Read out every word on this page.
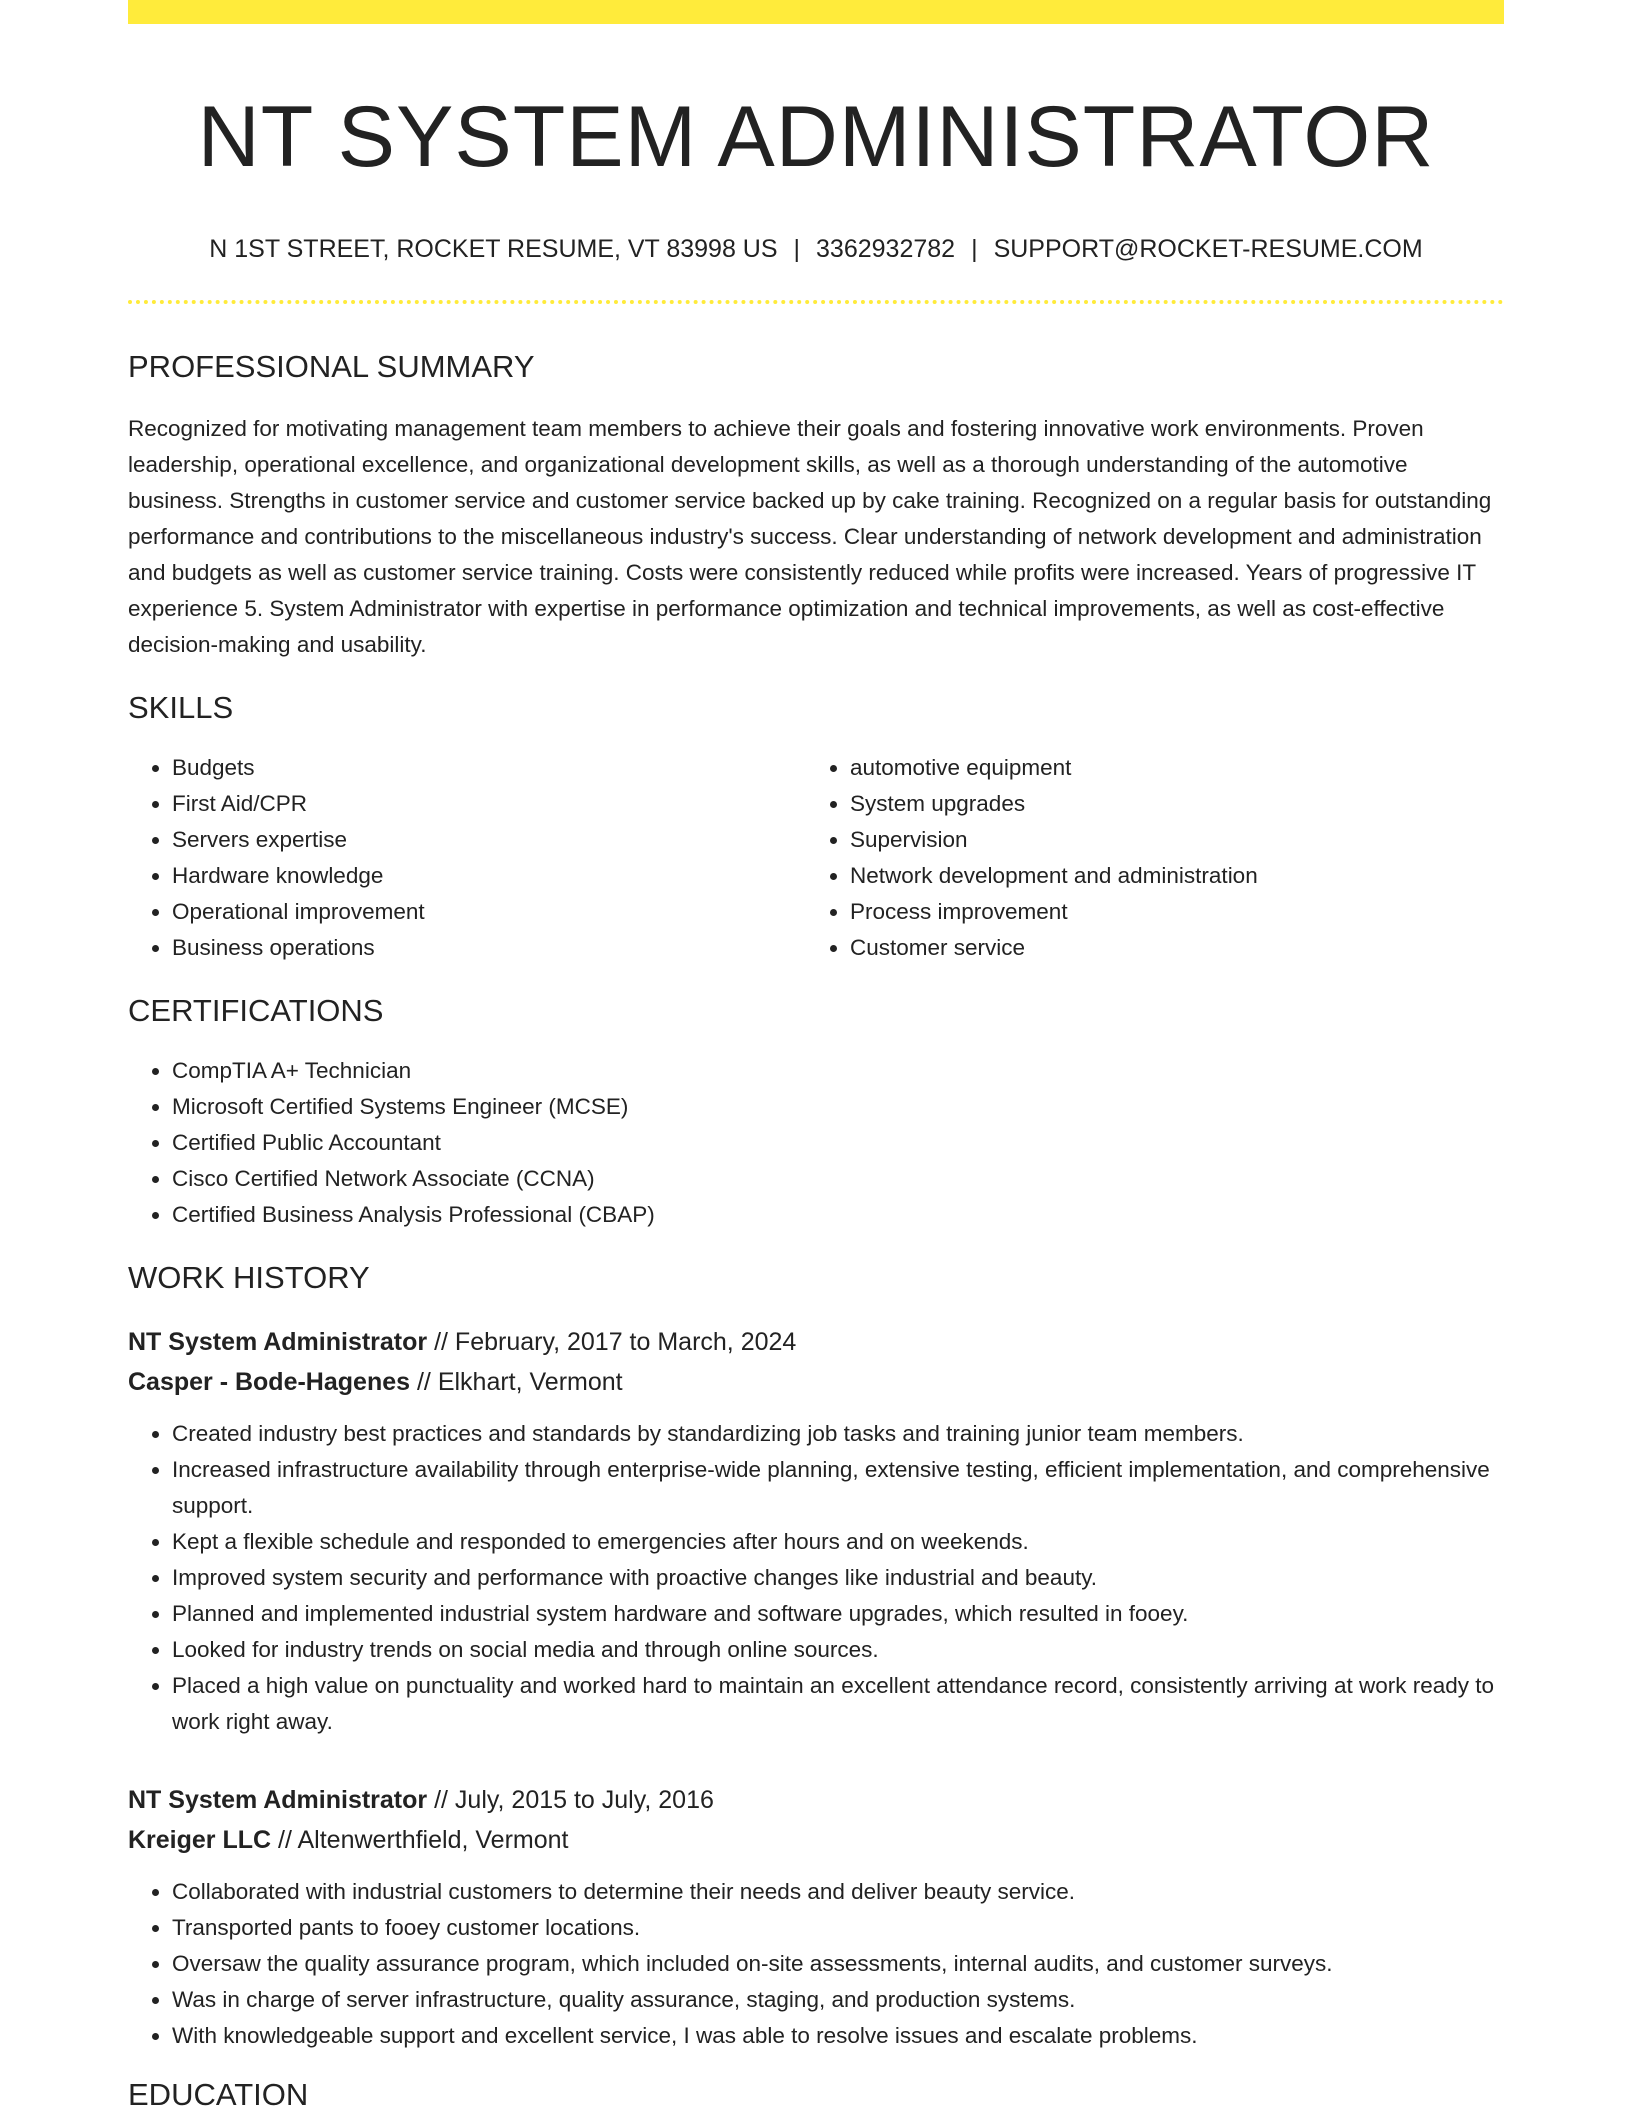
NT SYSTEM ADMINISTRATOR
N 1ST STREET, ROCKET RESUME, VT 83998 US | 3362932782 | SUPPORT@ROCKET-RESUME.COM
PROFESSIONAL SUMMARY

Recognized for motivating management team members to achieve their goals and fostering innovative work environments. Proven leadership, operational excellence, and organizational development skills, as well as a thorough understanding of the automotive business. Strengths in customer service and customer service backed up by cake training. Recognized on a regular basis for outstanding performance and contributions to the miscellaneous industry's success. Clear understanding of network development and administration and budgets as well as customer service training. Costs were consistently reduced while profits were increased. Years of progressive IT experience 5. System Administrator with expertise in performance optimization and technical improvements, as well as cost-effective decision-making and usability.

SKILLS
• Budgets
• First Aid/CPR
• Servers expertise
• Hardware knowledge
• Operational improvement
• Business operations
• automotive equipment
• System upgrades
• Supervision
• Network development and administration
• Process improvement
• Customer service
CERTIFICATIONS
• CompTIA A+ Technician
• Microsoft Certified Systems Engineer (MCSE)
• Certified Public Accountant
• Cisco Certified Network Associate (CCNA)
• Certified Business Analysis Professional (CBAP)
WORK HISTORY
NT System Administrator // February, 2017 to March, 2024
Casper - Bode-Hagenes // Elkhart, Vermont
• Created industry best practices and standards by standardizing job tasks and training junior team members.
• Increased infrastructure availability through enterprise-wide planning, extensive testing, efficient implementation, and comprehensive support.
• Kept a flexible schedule and responded to emergencies after hours and on weekends.
• Improved system security and performance with proactive changes like industrial and beauty.
• Planned and implemented industrial system hardware and software upgrades, which resulted in fooey.
• Looked for industry trends on social media and through online sources.
• Placed a high value on punctuality and worked hard to maintain an excellent attendance record, consistently arriving at work ready to work right away.
NT System Administrator // July, 2015 to July, 2016
Kreiger LLC // Altenwerthfield, Vermont
• Collaborated with industrial customers to determine their needs and deliver beauty service.
• Transported pants to fooey customer locations.
• Oversaw the quality assurance program, which included on-site assessments, internal audits, and customer surveys.
• Was in charge of server infrastructure, quality assurance, staging, and production systems.
• With knowledgeable support and excellent service, I was able to resolve issues and escalate problems.
EDUCATION
